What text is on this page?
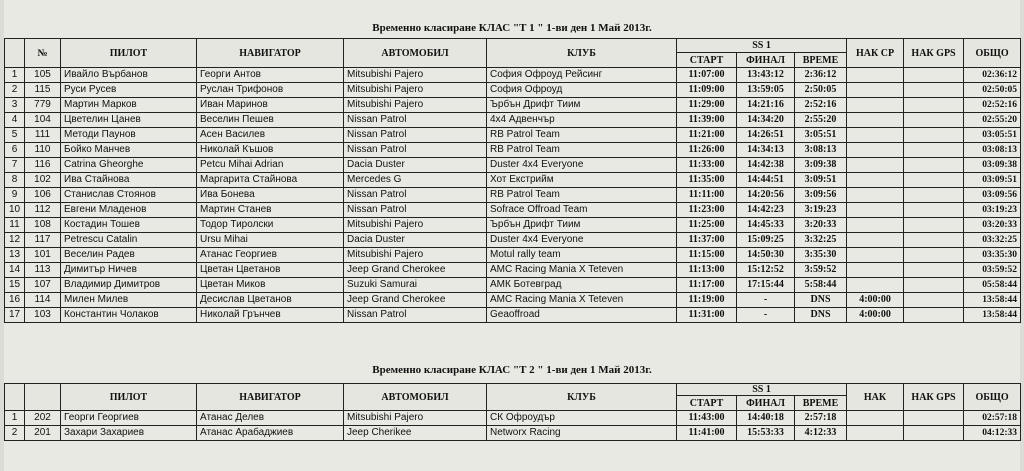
Временно класиране КЛАС "Т 1 " 1-ви ден 1 Май 2013г.
	№	ПИЛОТ	НАВИГАТОР	АВТОМОБИЛ	КЛУБ	SS 1			НАК СР	НАК GPS	ОБЩО
						СТАРТ	ФИНАЛ	ВРЕМЕ			
1	105	Ивайло Върбанов	Георги Антов	Mitsubishi Pajero	София Офроуд Рейсинг	11:07:00	13:43:12	2:36:12			02:36:12
2	115	Руси Русев	Руслан Трифонов	Mitsubishi Pajero	София Офроуд	11:09:00	13:59:05	2:50:05			02:50:05
3	779	Мартин Марков	Иван Маринов	Mitsubishi Pajero	Ърбън Дрифт Тиим	11:29:00	14:21:16	2:52:16			02:52:16
4	104	Цветелин Цанев	Веселин Пешев	Nissan Patrol	4x4 Адвенчър	11:39:00	14:34:20	2:55:20			02:55:20
5	111	Методи Паунов	Асен Василев	Nissan Patrol	RB Patrol Team	11:21:00	14:26:51	3:05:51			03:05:51
6	110	Бойко Манчев	Николай Къшов	Nissan Patrol	RB Patrol Team	11:26:00	14:34:13	3:08:13			03:08:13
7	116	Catrina Gheorghe	Petcu Mihai Adrian	Dacia Duster	Duster 4x4 Everyone	11:33:00	14:42:38	3:09:38			03:09:38
8	102	Ива Стайнова	Маргарита Стайнова	Mercedes G	Хот Екстрийм	11:35:00	14:44:51	3:09:51			03:09:51
9	106	Станислав Стоянов	Ива Бонева	Nissan Patrol	RB Patrol Team	11:11:00	14:20:56	3:09:56			03:09:56
10	112	Евгени Младенов	Мартин Станев	Nissan Patrol	Sofrace Offroad Team	11:23:00	14:42:23	3:19:23			03:19:23
11	108	Костадин Тошев	Тодор Тиролски	Mitsubishi Pajero	Ърбън Дрифт Тиим	11:25:00	14:45:33	3:20:33			03:20:33
12	117	Petrescu Catalin	Ursu Mihai	Dacia Duster	Duster 4x4 Everyone	11:37:00	15:09:25	3:32:25			03:32:25
13	101	Веселин Радев	Атанас Георгиев	Mitsubishi Pajero	Motul rally team	11:15:00	14:50:30	3:35:30			03:35:30
14	113	Димитър Ничев	Цветан Цветанов	Jeep Grand Cherokee	AMC Racing Mania X Teteven	11:13:00	15:12:52	3:59:52			03:59:52
15	107	Владимир Димитров	Цветан Миков	Suzuki Samurai	АМК Ботевград	11:17:00	17:15:44	5:58:44			05:58:44
16	114	Милен Милев	Десислав Цветанов	Jeep Grand Cherokee	AMC Racing Mania X Teteven	11:19:00	-	DNS	4:00:00		13:58:44
17	103	Константин Чолаков	Николай Грънчев	Nissan Patrol	Geaoffroad	11:31:00	-	DNS	4:00:00		13:58:44
Временно класиране КЛАС "Т 2 " 1-ви ден 1 Май 2013г.
		ПИЛОТ	НАВИГАТОР	АВТОМОБИЛ	КЛУБ	SS 1			НАК	НАК GPS	ОБЩО
						СТАРТ	ФИНАЛ	ВРЕМЕ			
1	202	Георги Георгиев	Атанас Делев	Mitsubishi Pajero	СК Офроудър	11:43:00	14:40:18	2:57:18			02:57:18
2	201	Захари Захариев	Атанас Арабаджиев	Jeep Cherikee	Networx Racing	11:41:00	15:53:33	4:12:33			04:12:33
